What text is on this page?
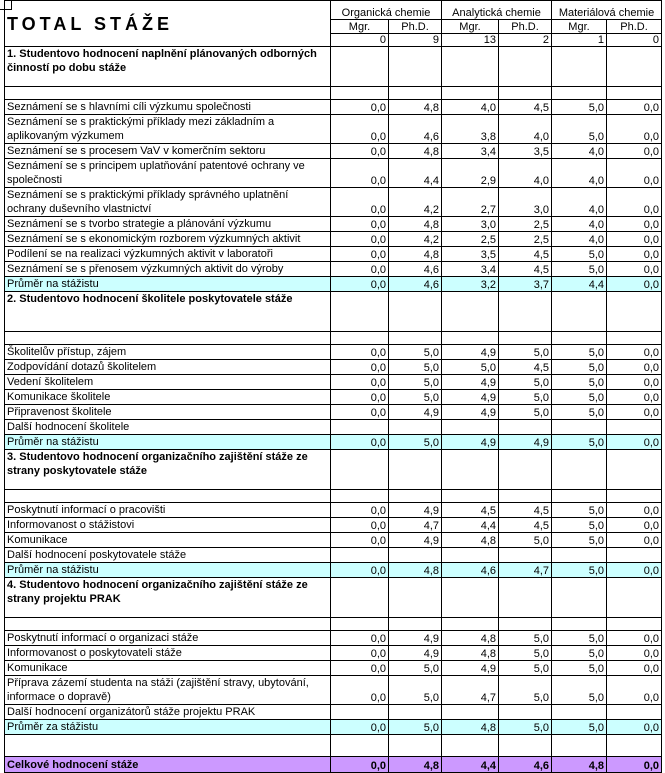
TOTAL STÁŽE	Organická chemie		Analytická chemie		Materiálová chemie	
	Mgr.	Ph.D.	Mgr.	Ph.D.	Mgr.	Ph.D.
	0	9	13	2	1	0
1. Studentovo hodnocení naplnění plánovaných odborných činností po dobu stáže						

Seznámení se s hlavními cíli výzkumu společnosti	0,0	4,8	4,0	4,5	5,0	0,0
Seznámení se s praktickými příklady mezi základním a aplikovaným výzkumem	0,0	4,6	3,8	4,0	5,0	0,0
Seznámení se s procesem VaV v komerčním sektoru	0,0	4,8	3,4	3,5	4,0	0,0
Seznámení se s principem uplatňování patentové ochrany ve společnosti	0,0	4,4	2,9	4,0	4,0	0,0
Seznámení se s praktickými příklady správného uplatnění ochrany duševního vlastnictví	0,0	4,2	2,7	3,0	4,0	0,0
Seznámení se s tvorbo strategie a plánování výzkumu	0,0	4,8	3,0	2,5	4,0	0,0
Seznámení se s ekonomickým rozborem výzkumných aktivit	0,0	4,2	2,5	2,5	4,0	0,0
Podílení se na realizaci výzkumných aktivit v laboratoři	0,0	4,8	3,5	4,5	5,0	0,0
Seznámení se s přenosem výzkumných aktivit do výroby	0,0	4,6	3,4	4,5	5,0	0,0
Průměr na stážistu	0,0	4,6	3,2	3,7	4,4	0,0
2. Studentovo hodnocení školitele poskytovatele stáže						

Školitelův přístup, zájem	0,0	5,0	4,9	5,0	5,0	0,0
Zodpovídání dotazů školitelem	0,0	5,0	5,0	4,5	5,0	0,0
Vedení školitelem	0,0	5,0	4,9	5,0	5,0	0,0
Komunikace školitele	0,0	5,0	4,9	5,0	5,0	0,0
Připravenost školitele	0,0	4,9	4,9	5,0	5,0	0,0
Další hodnocení školitele						
Průměr na stážistu	0,0	5,0	4,9	4,9	5,0	0,0
3. Studentovo hodnocení organizačního zajištění stáže ze strany poskytovatele stáže						

Poskytnutí informací o pracovišti	0,0	4,9	4,5	4,5	5,0	0,0
Informovanost o stážistovi	0,0	4,7	4,4	4,5	5,0	0,0
Komunikace	0,0	4,9	4,8	5,0	5,0	0,0
Další hodnocení poskytovatele stáže						
Průměr na stážistu	0,0	4,8	4,6	4,7	5,0	0,0
4. Studentovo hodnocení organizačního zajištění stáže ze strany projektu PRAK						

Poskytnutí informací o organizaci stáže	0,0	4,9	4,8	5,0	5,0	0,0
Informovanost o poskytovateli stáže	0,0	4,9	4,8	5,0	5,0	0,0
Komunikace	0,0	5,0	4,9	5,0	5,0	0,0
Příprava zázemí studenta na stáži (zajištění stravy, ubytování, informace o dopravě)	0,0	5,0	4,7	5,0	5,0	0,0
Další hodnocení organizátorů stáže projektu PRAK						
Průměr za stážistu	0,0	5,0	4,8	5,0	5,0	0,0

Celkové hodnocení stáže	0,0	4,8	4,4	4,6	4,8	0,0
